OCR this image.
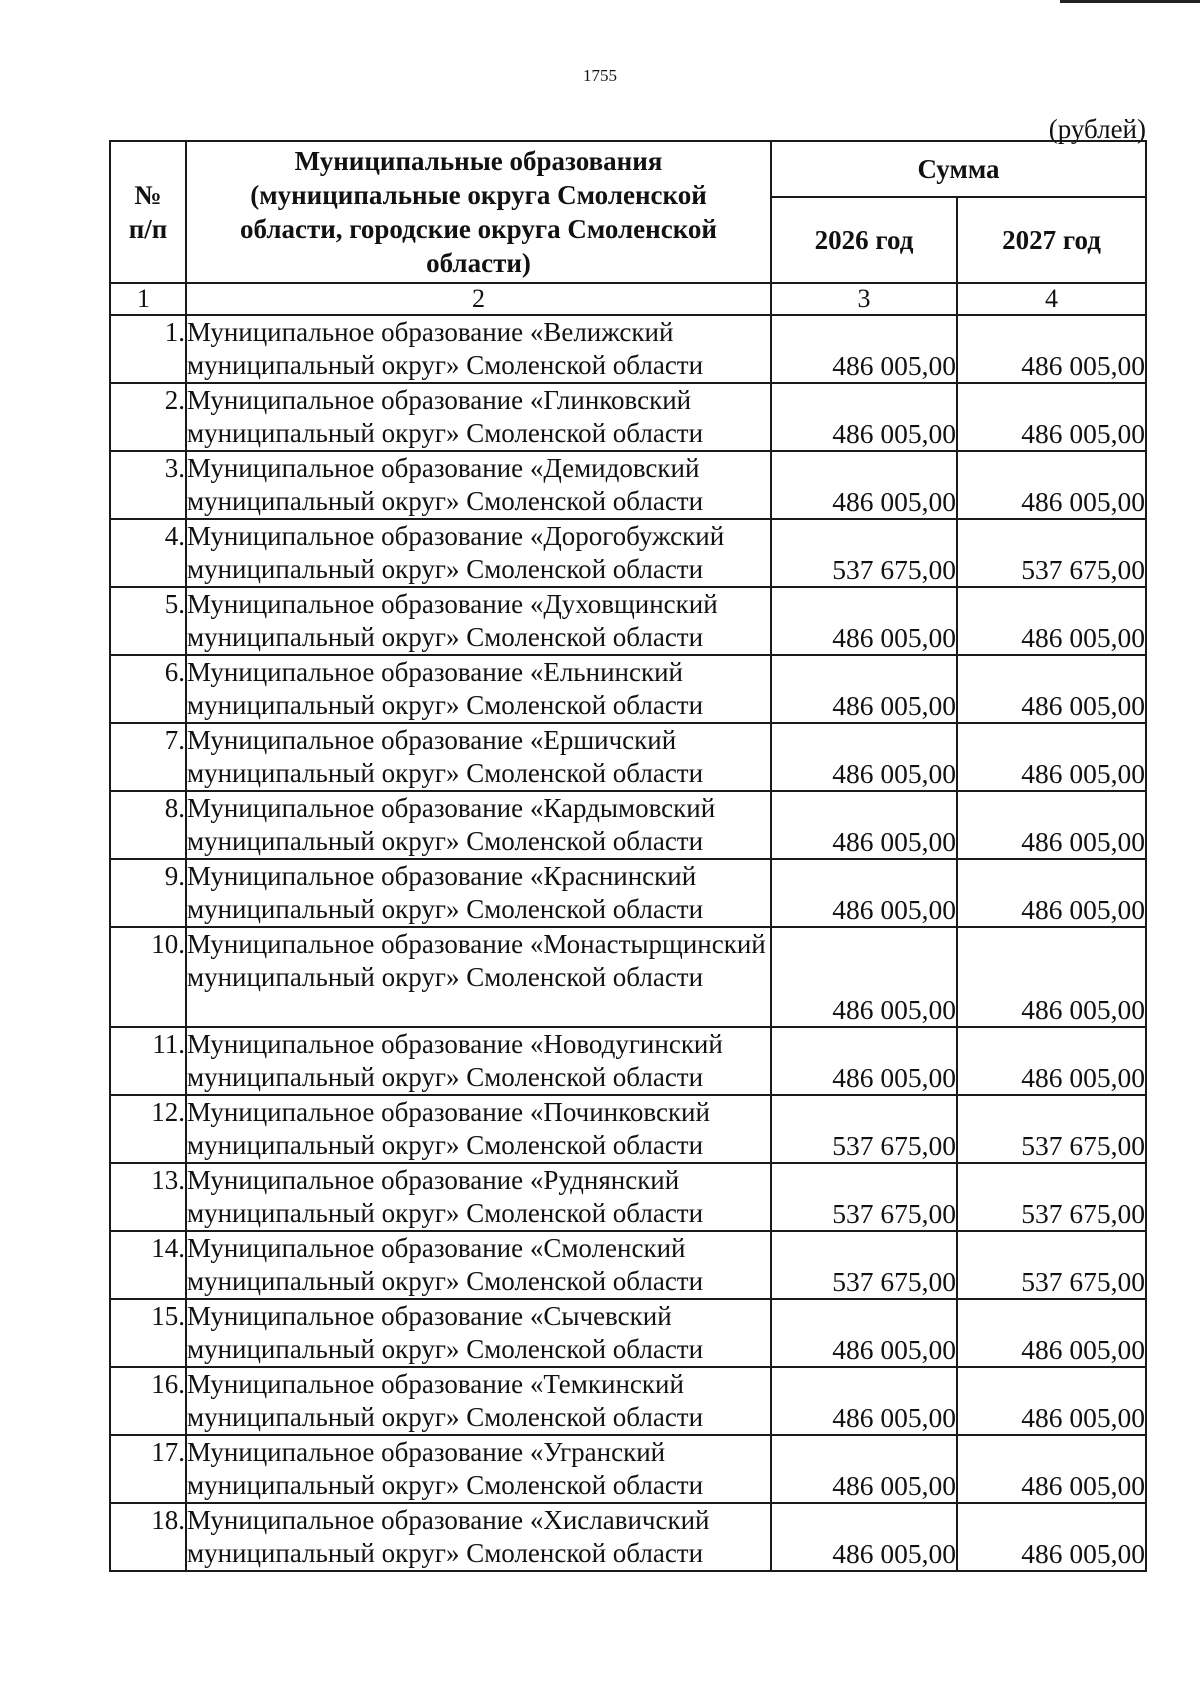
1755
(рублей)
№ п/п	Муниципальные образования (муниципальные округа Смоленской области, городские округа Смоленской области)	Сумма	
		2026 год	2027 год
1	2	3	4
1.	Муниципальное образование «Велижский муниципальный округ» Смоленской области	486 005,00	486 005,00
2.	Муниципальное образование «Глинковский муниципальный округ» Смоленской области	486 005,00	486 005,00
3.	Муниципальное образование «Демидовский муниципальный округ» Смоленской области	486 005,00	486 005,00
4.	Муниципальное образование «Дорогобужский муниципальный округ» Смоленской области	537 675,00	537 675,00
5.	Муниципальное образование «Духовщинский муниципальный округ» Смоленской области	486 005,00	486 005,00
6.	Муниципальное образование «Ельнинский муниципальный округ» Смоленской области	486 005,00	486 005,00
7.	Муниципальное образование «Ершичский муниципальный округ» Смоленской области	486 005,00	486 005,00
8.	Муниципальное образование «Кардымовский муниципальный округ» Смоленской области	486 005,00	486 005,00
9.	Муниципальное образование «Краснинский муниципальный округ» Смоленской области	486 005,00	486 005,00
10.	Муниципальное образование «Монастырщинский муниципальный округ» Смоленской области	486 005,00	486 005,00
11.	Муниципальное образование «Новодугинский муниципальный округ» Смоленской области	486 005,00	486 005,00
12.	Муниципальное образование «Починковский муниципальный округ» Смоленской области	537 675,00	537 675,00
13.	Муниципальное образование «Руднянский муниципальный округ» Смоленской области	537 675,00	537 675,00
14.	Муниципальное образование «Смоленский муниципальный округ» Смоленской области	537 675,00	537 675,00
15.	Муниципальное образование «Сычевский муниципальный округ» Смоленской области	486 005,00	486 005,00
16.	Муниципальное образование «Темкинский муниципальный округ» Смоленской области	486 005,00	486 005,00
17.	Муниципальное образование «Угранский муниципальный округ» Смоленской области	486 005,00	486 005,00
18.	Муниципальное образование «Хиславичский муниципальный округ» Смоленской области	486 005,00	486 005,00
